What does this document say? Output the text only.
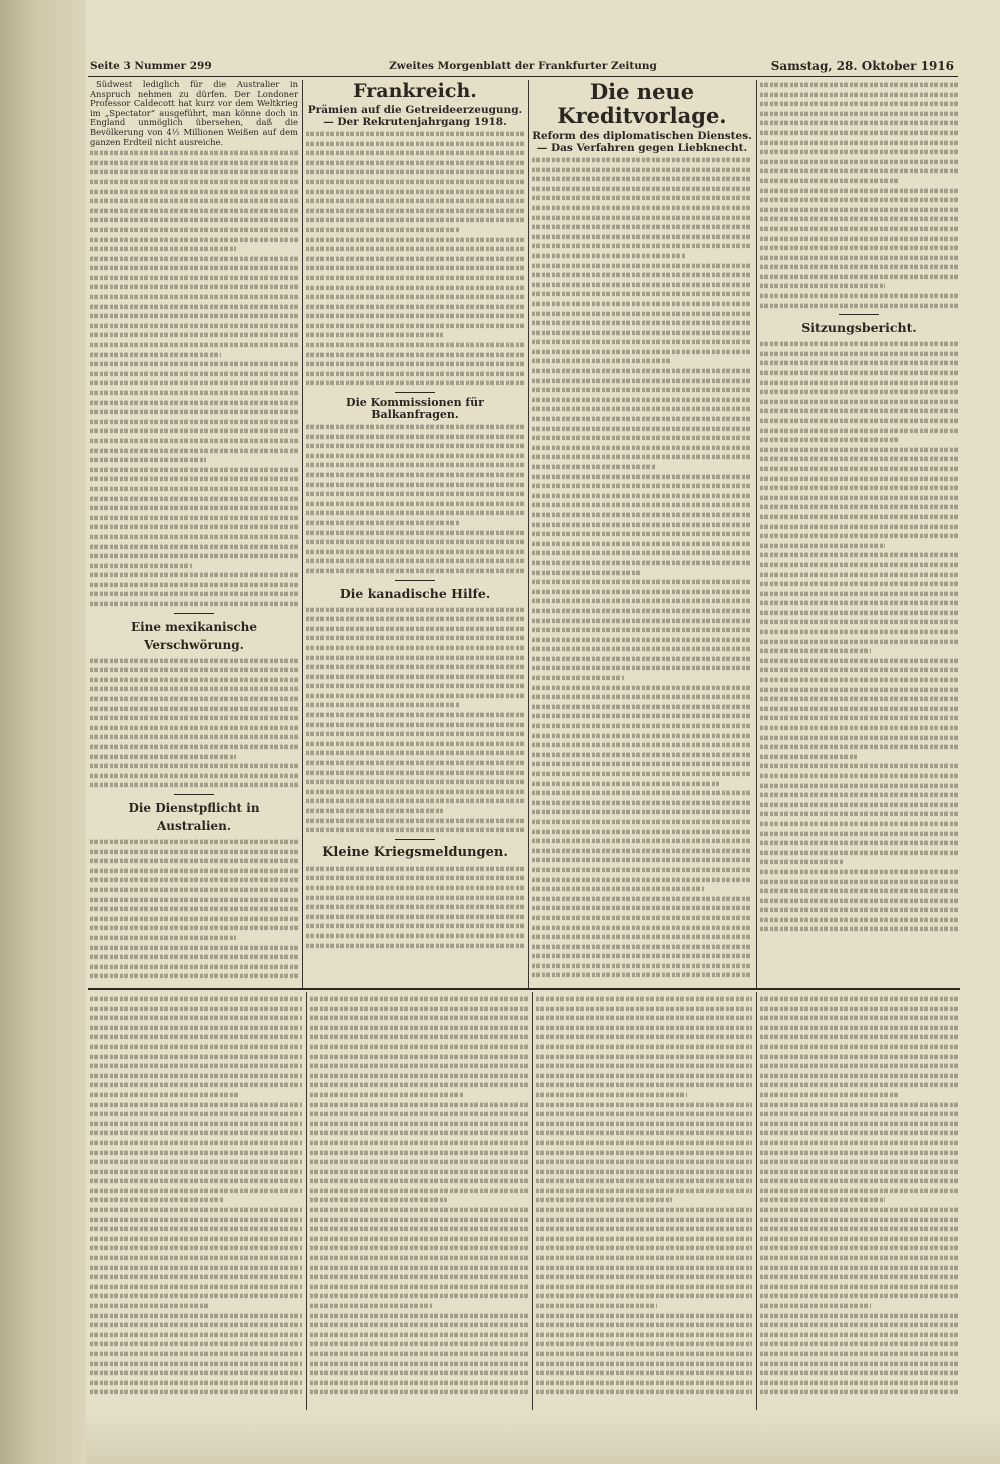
Seite 3 Nummer 299	Zweites Morgenblatt der Frankfurter Zeitung	Samstag, 28. Oktober 1916

Südwest lediglich für die Australier in Anspruch nehmen zu dürfen. Der Londoner Professor Caldecott hat kurz vor dem Weltkrieg im „Spectator“ ausgeführt, man könne doch in England unmöglich übersehen, daß die Bevölkerung von 4½ Millionen Weißen auf dem ganzen Erdteil nicht ausreiche.

Eine mexikanische Verschwörung.
Die Dienstpflicht in Australien.
Frankreich.
Prämien auf die Getreideerzeugung. — Der Rekrutenjahrgang 1918.
Die Kommissionen für Balkanfragen.
Die kanadische Hilfe.
Kleine Kriegsmeldungen.
Die neue Kreditvorlage.
Reform des diplomatischen Dienstes. — Das Verfahren gegen Liebknecht.
Sitzungsbericht.
